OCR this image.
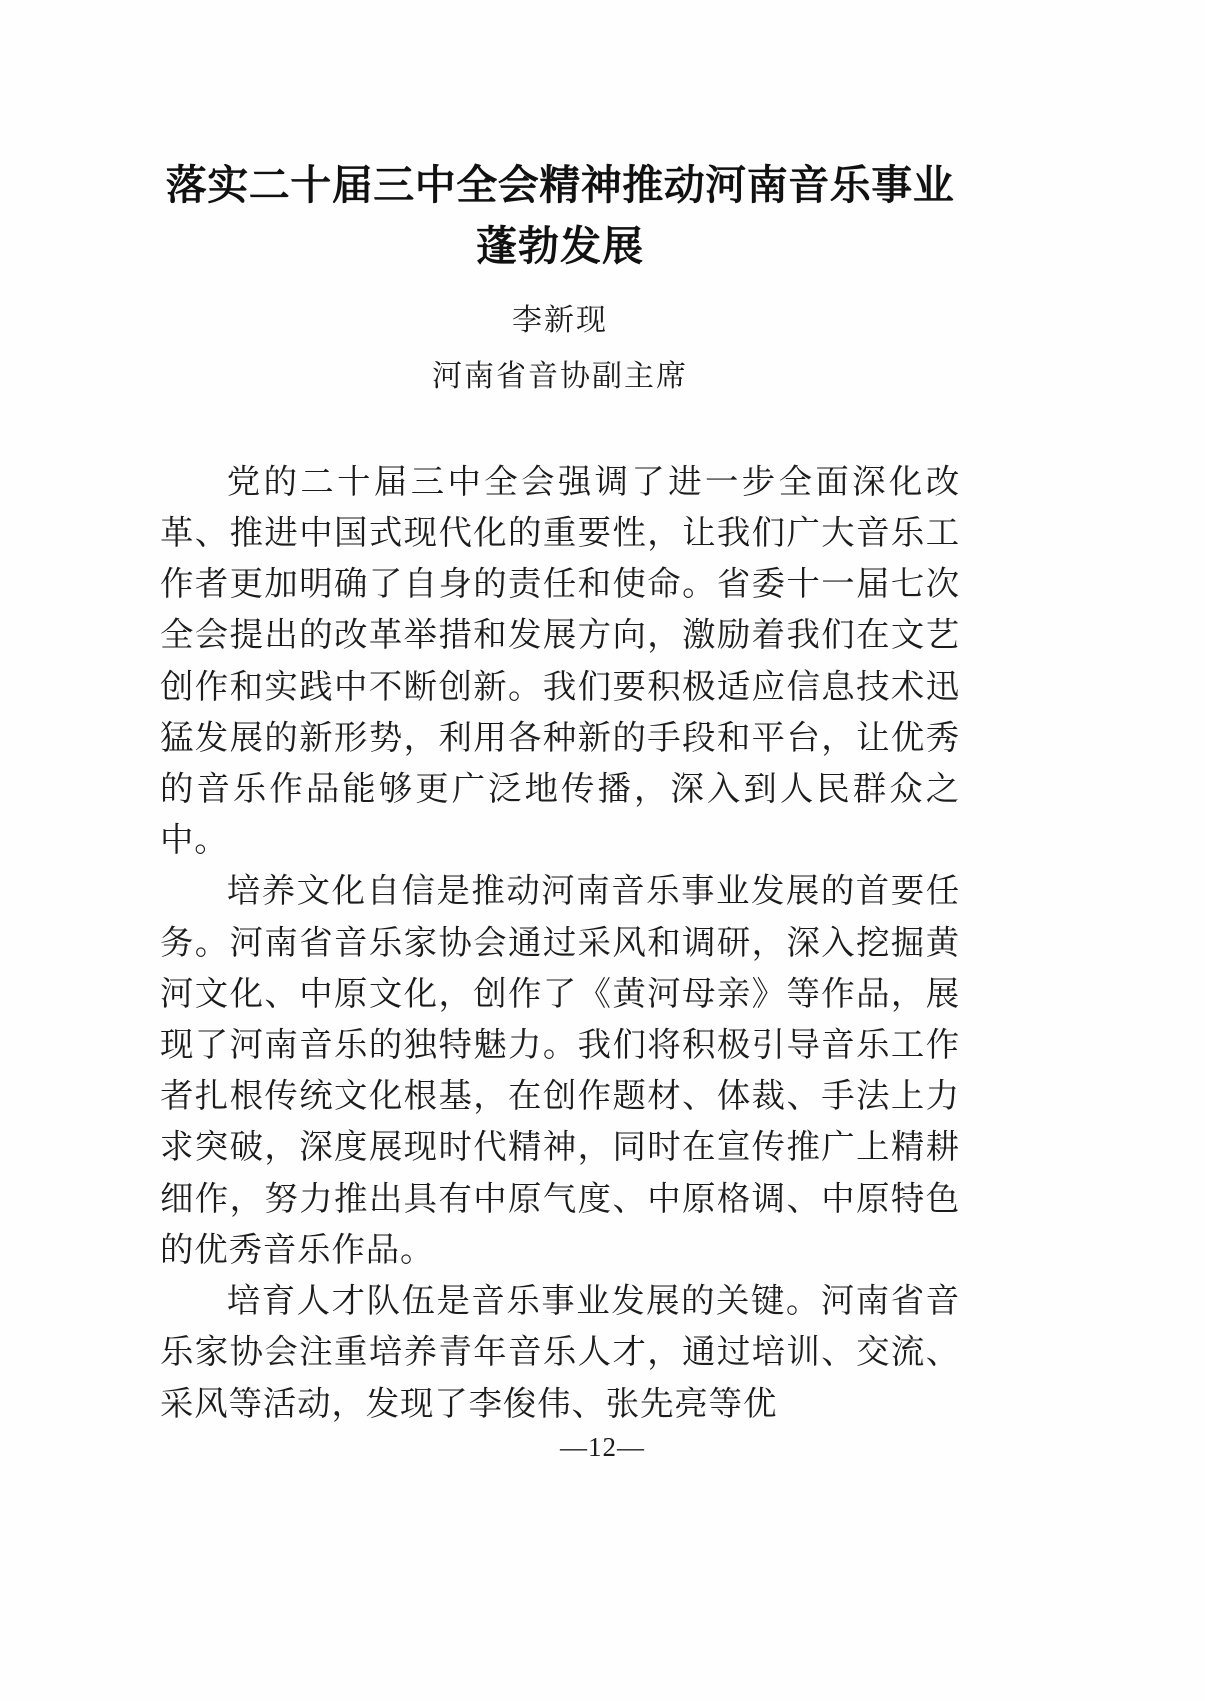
落实二十届三中全会精神推动河南音乐事业
蓬勃发展
李新现
河南省音协副主席

党的二十届三中全会强调了进一步全面深化改革、推进中国式现代化的重要性，让我们广大音乐工作者更加明确了自身的责任和使命。省委十一届七次全会提出的改革举措和发展方向，激励着我们在文艺创作和实践中不断创新。我们要积极适应信息技术迅猛发展的新形势，利用各种新的手段和平台，让优秀的音乐作品能够更广泛地传播，深入到人民群众之中。

培养文化自信是推动河南音乐事业发展的首要任务。河南省音乐家协会通过采风和调研，深入挖掘黄河文化、中原文化，创作了《黄河母亲》等作品，展现了河南音乐的独特魅力。我们将积极引导音乐工作者扎根传统文化根基，在创作题材、体裁、手法上力求突破，深度展现时代精神，同时在宣传推广上精耕细作，努力推出具有中原气度、中原格调、中原特色的优秀音乐作品。

培育人才队伍是音乐事业发展的关键。河南省音乐家协会注重培养青年音乐人才，通过培训、交流、采风等活动，发现了李俊伟、张先亮等优

—12—
